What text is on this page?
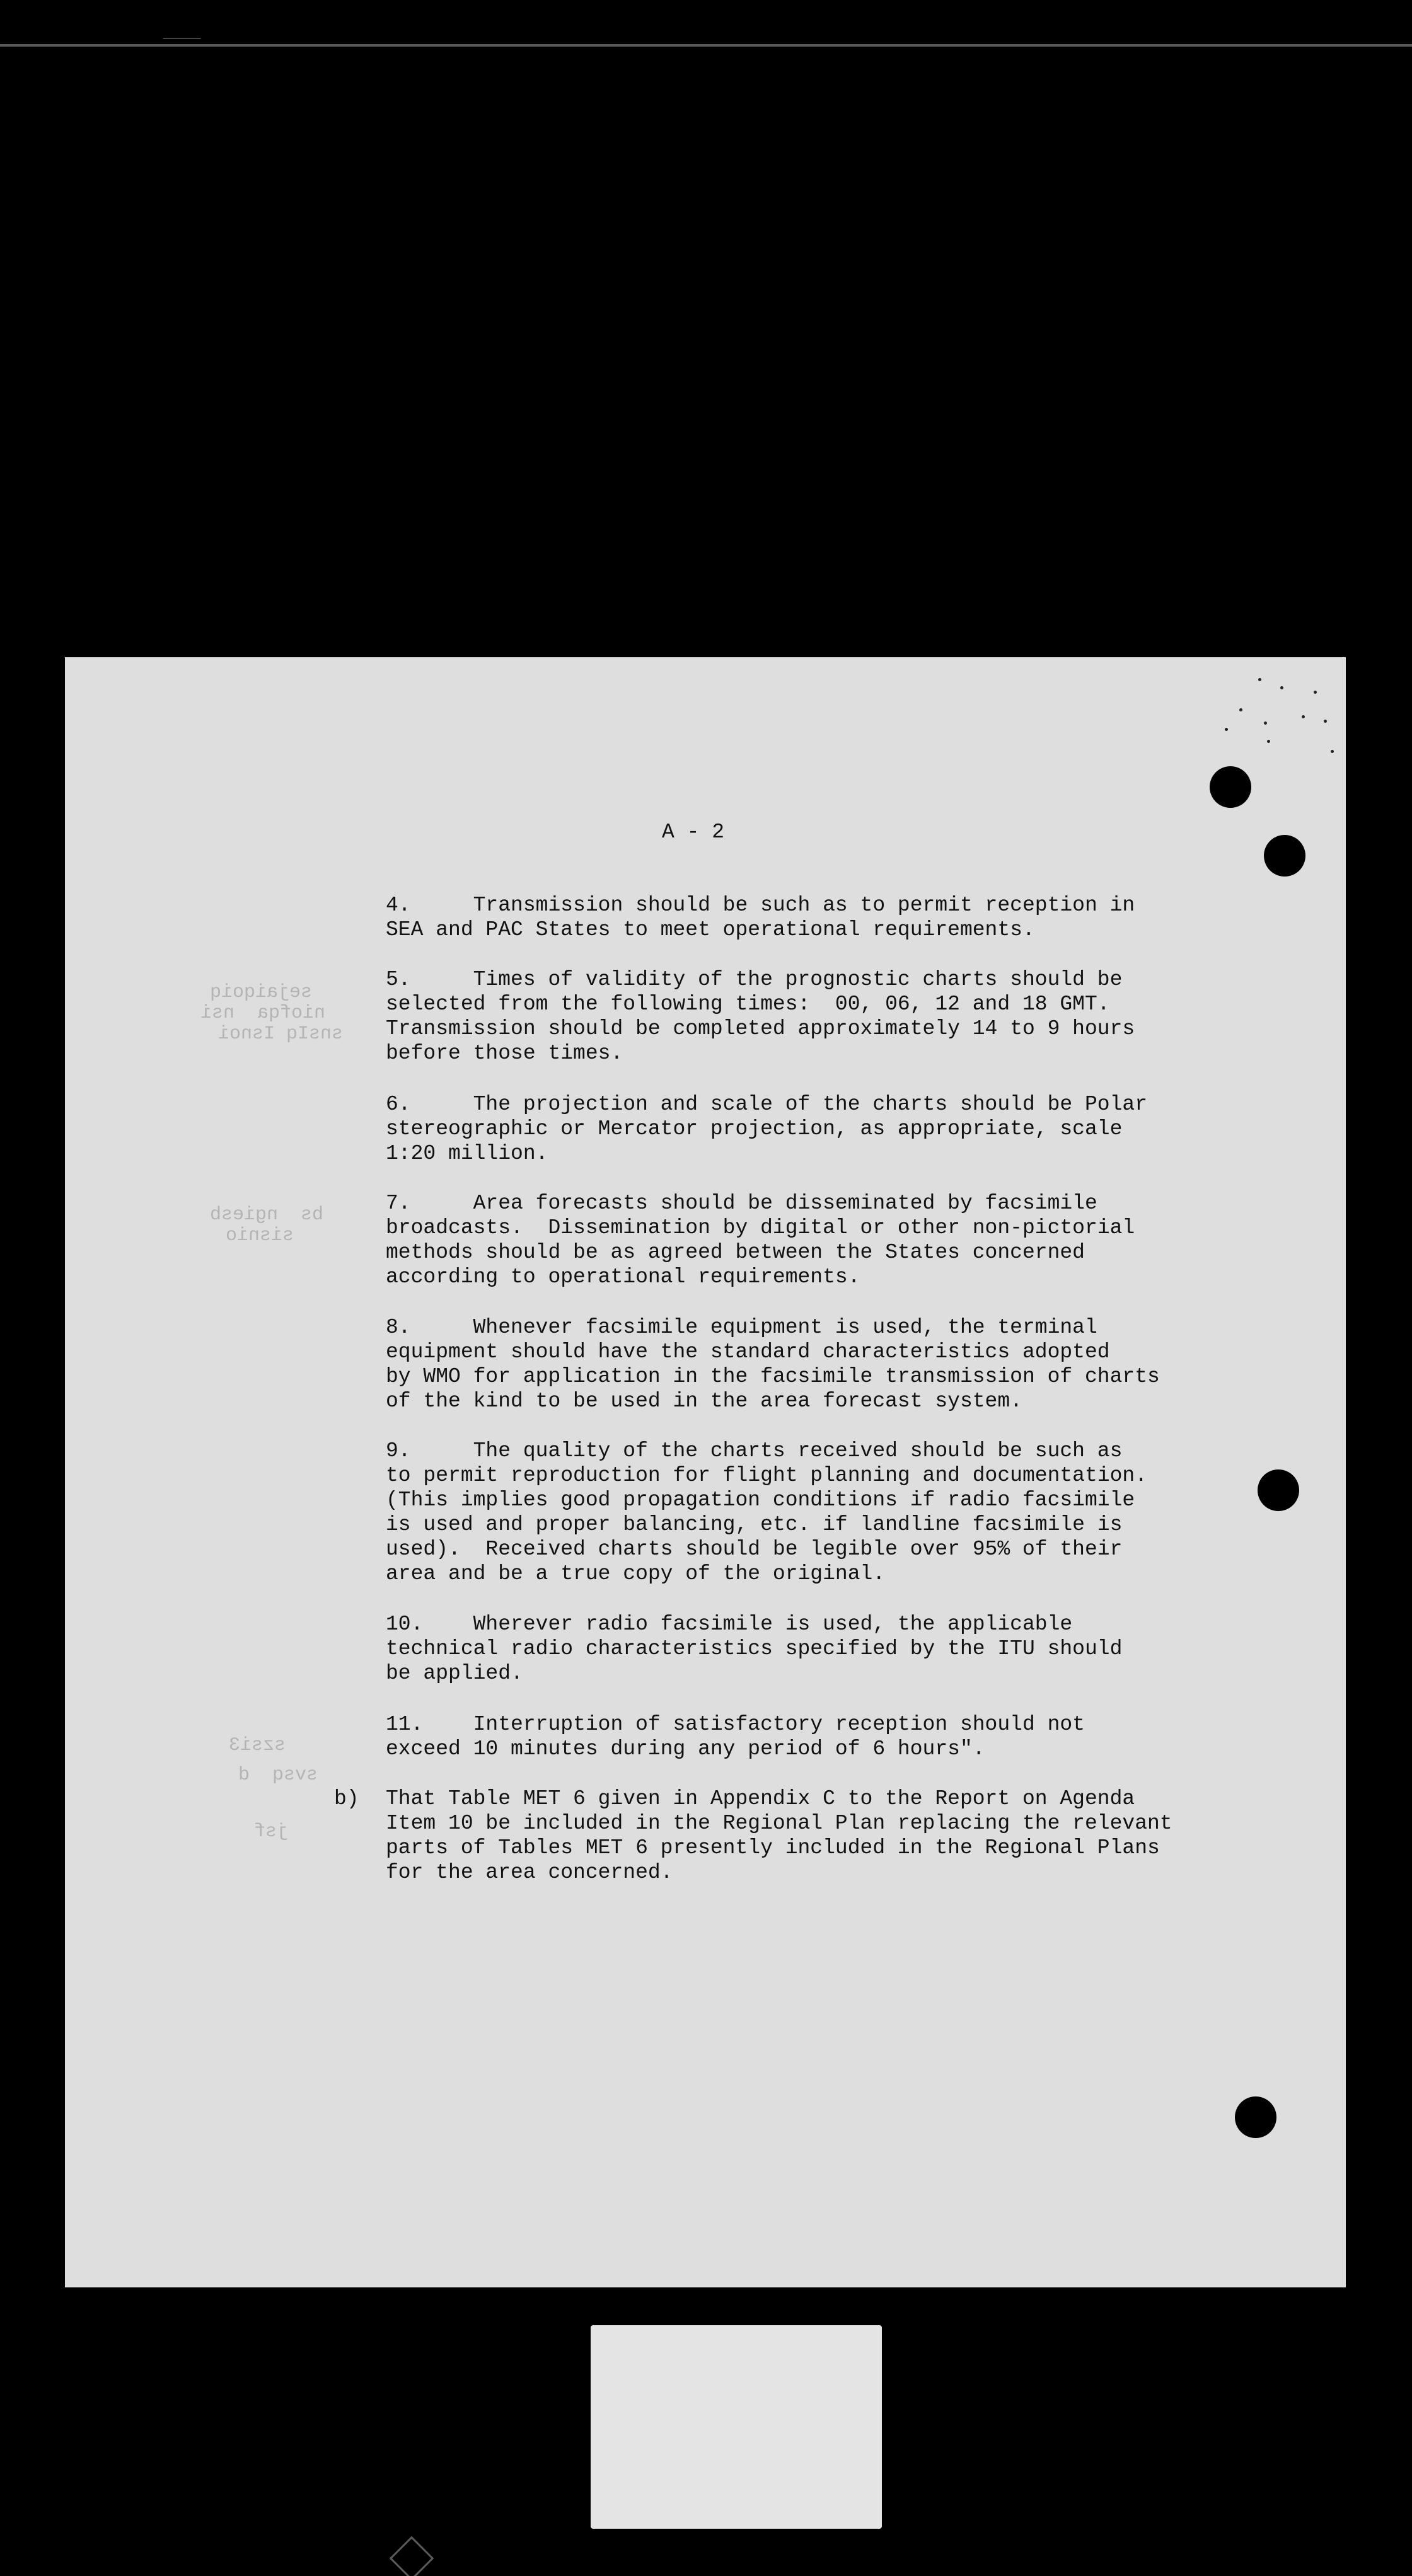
sejaiqoiq
niofqa  nsi
snsIq Isnoi
bs  ngiesb
sisnio
szsi3
svsq  d
jsf
A - 2

4.     Transmission should be such as to permit reception in
SEA and PAC States to meet operational requirements.

5.     Times of validity of the prognostic charts should be
selected from the following times:  00, 06, 12 and 18 GMT.
Transmission should be completed approximately 14 to 9 hours
before those times.

6.     The projection and scale of the charts should be Polar
stereographic or Mercator projection, as appropriate, scale
1:20 million.

7.     Area forecasts should be disseminated by facsimile
broadcasts.  Dissemination by digital or other non-pictorial
methods should be as agreed between the States concerned
according to operational requirements.

8.     Whenever facsimile equipment is used, the terminal
equipment should have the standard characteristics adopted
by WMO for application in the facsimile transmission of charts
of the kind to be used in the area forecast system.

9.     The quality of the charts received should be such as
to permit reproduction for flight planning and documentation.
(This implies good propagation conditions if radio facsimile
is used and proper balancing, etc. if landline facsimile is
used).  Received charts should be legible over 95% of their
area and be a true copy of the original.

10.    Wherever radio facsimile is used, the applicable
technical radio characteristics specified by the ITU should
be applied.

11.    Interruption of satisfactory reception should not
exceed 10 minutes during any period of 6 hours".

b) That Table MET 6 given in Appendix C to the Report on Agenda
Item 10 be included in the Regional Plan replacing the relevant
parts of Tables MET 6 presently included in the Regional Plans
for the area concerned.
